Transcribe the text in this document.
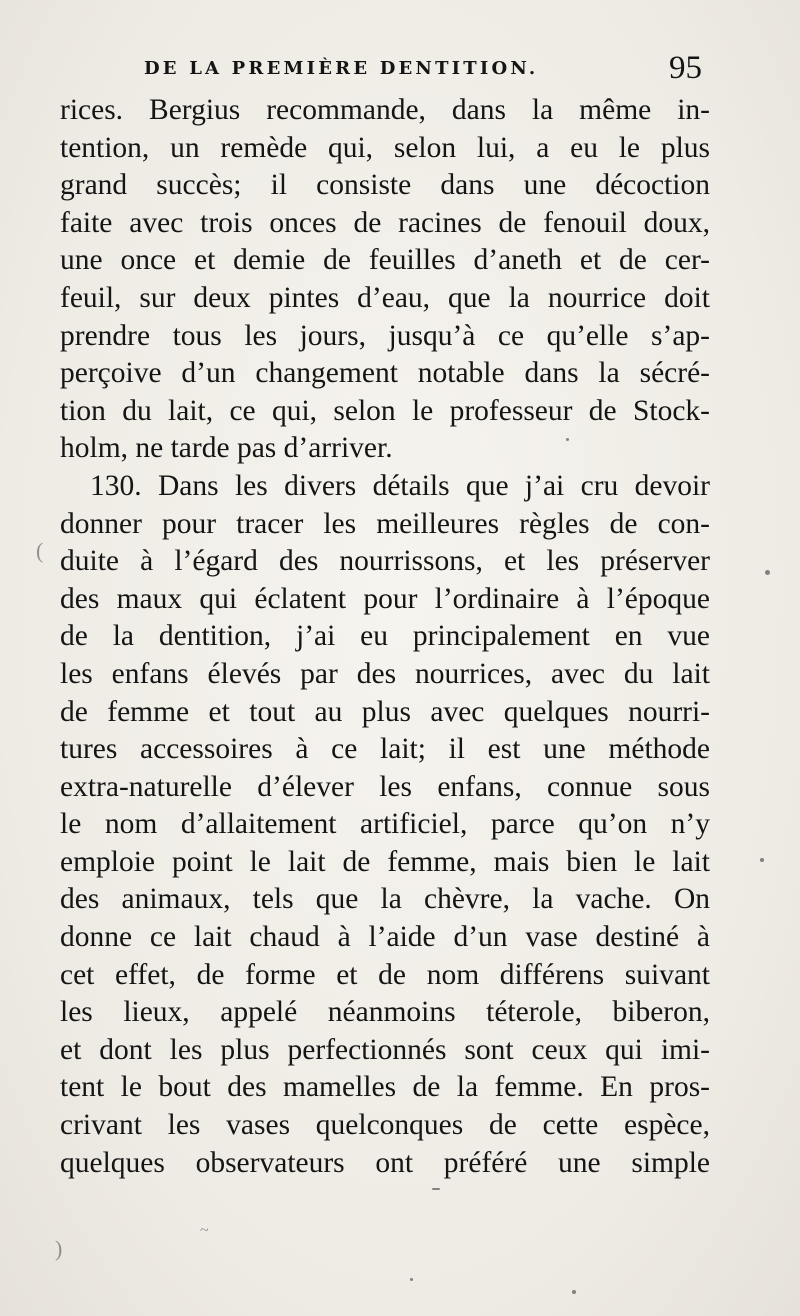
DE LA PREMIÈRE DENTITION.	95
rices. Bergius recommande, dans la même in-
tention, un remède qui, selon lui, a eu le plus
grand succès; il consiste dans une décoction
faite avec trois onces de racines de fenouil doux,
une once et demie de feuilles d’aneth et de cer-
feuil, sur deux pintes d’eau, que la nourrice doit
prendre tous les jours, jusqu’à ce qu’elle s’ap-
perçoive d’un changement notable dans la sécré-
tion du lait, ce qui, selon le professeur de Stock-
holm, ne tarde pas d’arriver.
130. Dans les divers détails que j’ai cru devoir
donner pour tracer les meilleures règles de con-
duite à l’égard des nourrissons, et les préserver
des maux qui éclatent pour l’ordinaire à l’époque
de la dentition, j’ai eu principalement en vue
les enfans élevés par des nourrices, avec du lait
de femme et tout au plus avec quelques nourri-
tures accessoires à ce lait; il est une méthode
extra-naturelle d’élever les enfans, connue sous
le nom d’allaitement artificiel, parce qu’on n’y
emploie point le lait de femme, mais bien le lait
des animaux, tels que la chèvre, la vache. On
donne ce lait chaud à l’aide d’un vase destiné à
cet effet, de forme et de nom différens suivant
les lieux, appelé néanmoins téterole, biberon,
et dont les plus perfectionnés sont ceux qui imi-
tent le bout des mamelles de la femme. En pros-
crivant les vases quelconques de cette espèce,
quelques observateurs ont préféré une simple
(
)
~
